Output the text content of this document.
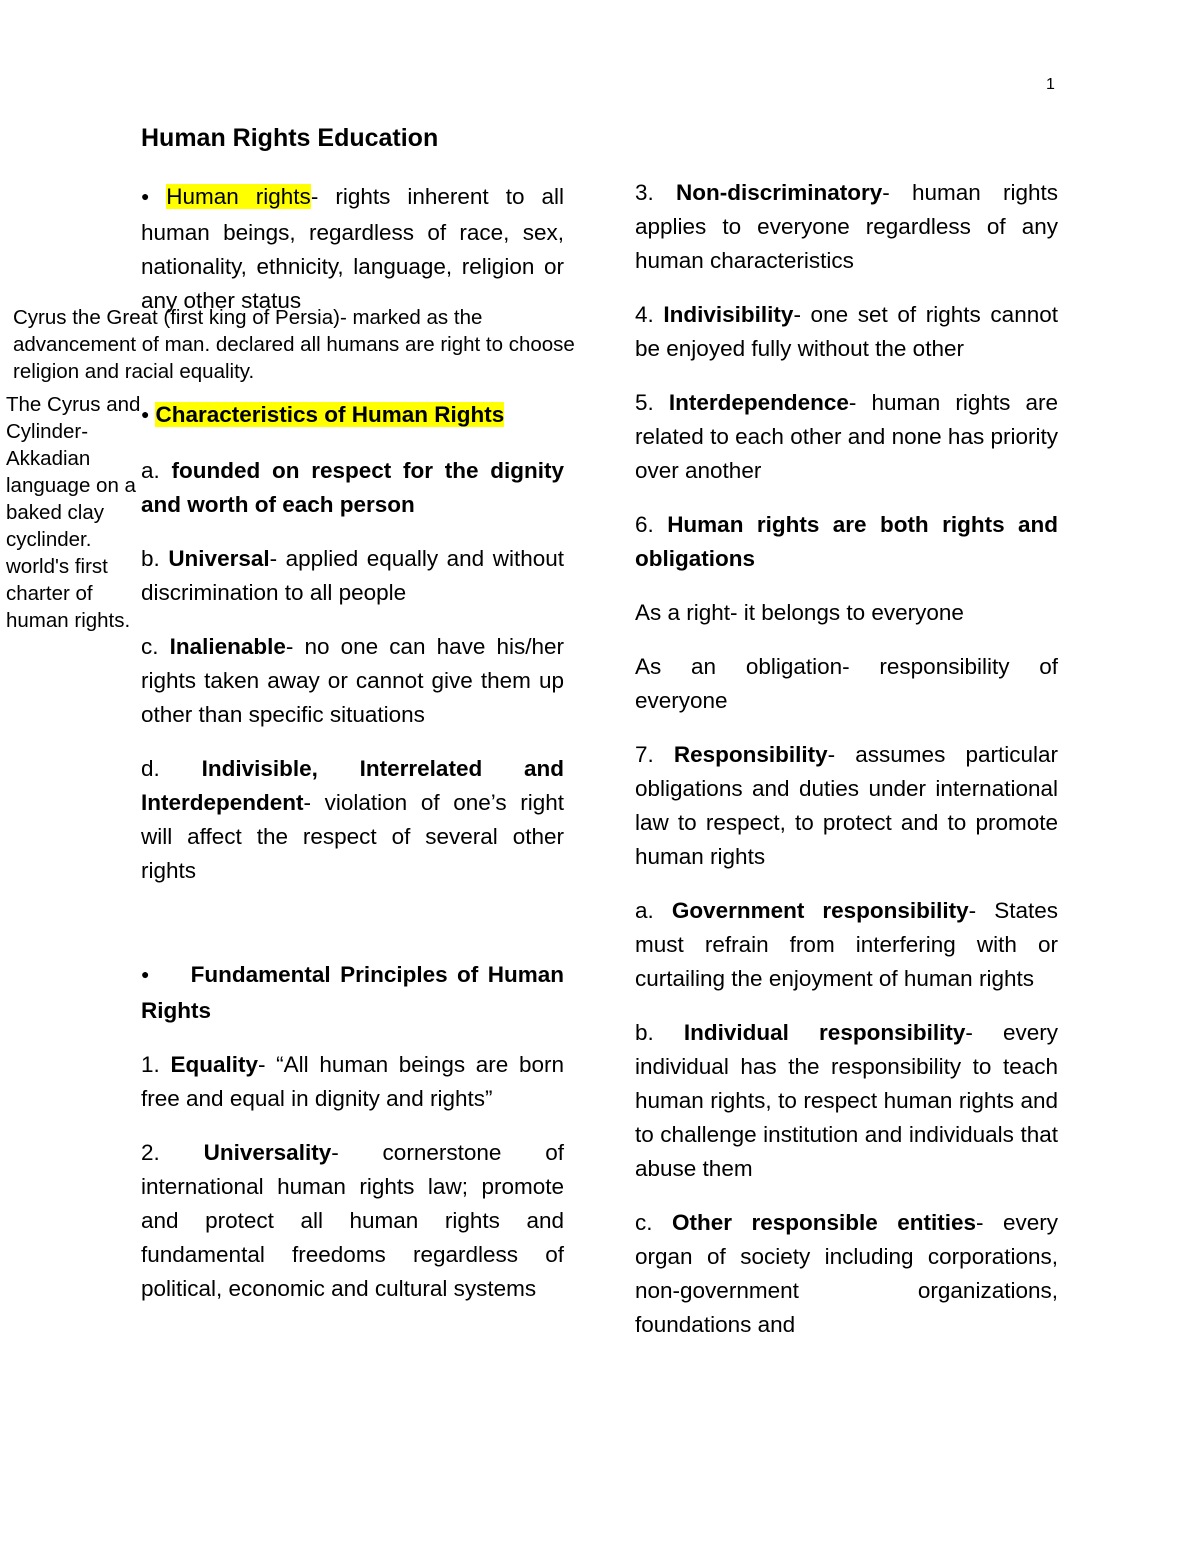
1
Human Rights Education

● Human rights- rights inherent to all human beings, regardless of race, sex, nationality, ethnicity, language, religion or any other status

● Characteristics of Human Rights

a. founded on respect for the dignity and worth of each person

b. Universal- applied equally and without discrimination to all people

c. Inalienable- no one can have his/her rights taken away or cannot give them up other than specific situations

d. Indivisible, Interrelated and Interdependent- violation of one’s right will affect the respect of several other rights

● Fundamental Principles of Human Rights

1. Equality- “All human beings are born free and equal in dignity and rights”

2. Universality- cornerstone of international human rights law; promote and protect all human rights and fundamental freedoms regardless of political, economic and cultural systems

3. Non-discriminatory- human rights applies to everyone regardless of any human characteristics

4. Indivisibility- one set of rights cannot be enjoyed fully without the other

5. Interdependence- human rights are related to each other and none has priority over another

6. Human rights are both rights and obligations

As a right- it belongs to everyone

As an obligation- responsibility of everyone

7. Responsibility- assumes particular obligations and duties under international law to respect, to protect and to promote human rights

a. Government responsibility- States must refrain from interfering with or curtailing the enjoyment of human rights

b. Individual responsibility- every individual has the responsibility to teach human rights, to respect human rights and to challenge institution and individuals that abuse them

c. Other responsible entities- every organ of society including corporations, non-government organizations, foundations and

Cyrus the Great (first king of Persia)- marked as the advancement of man. declared all humans are right to choose religion and racial equality.

The Cyrus and Cylinder- Akkadian language on a baked clay cyclinder. world's first charter of human rights.
